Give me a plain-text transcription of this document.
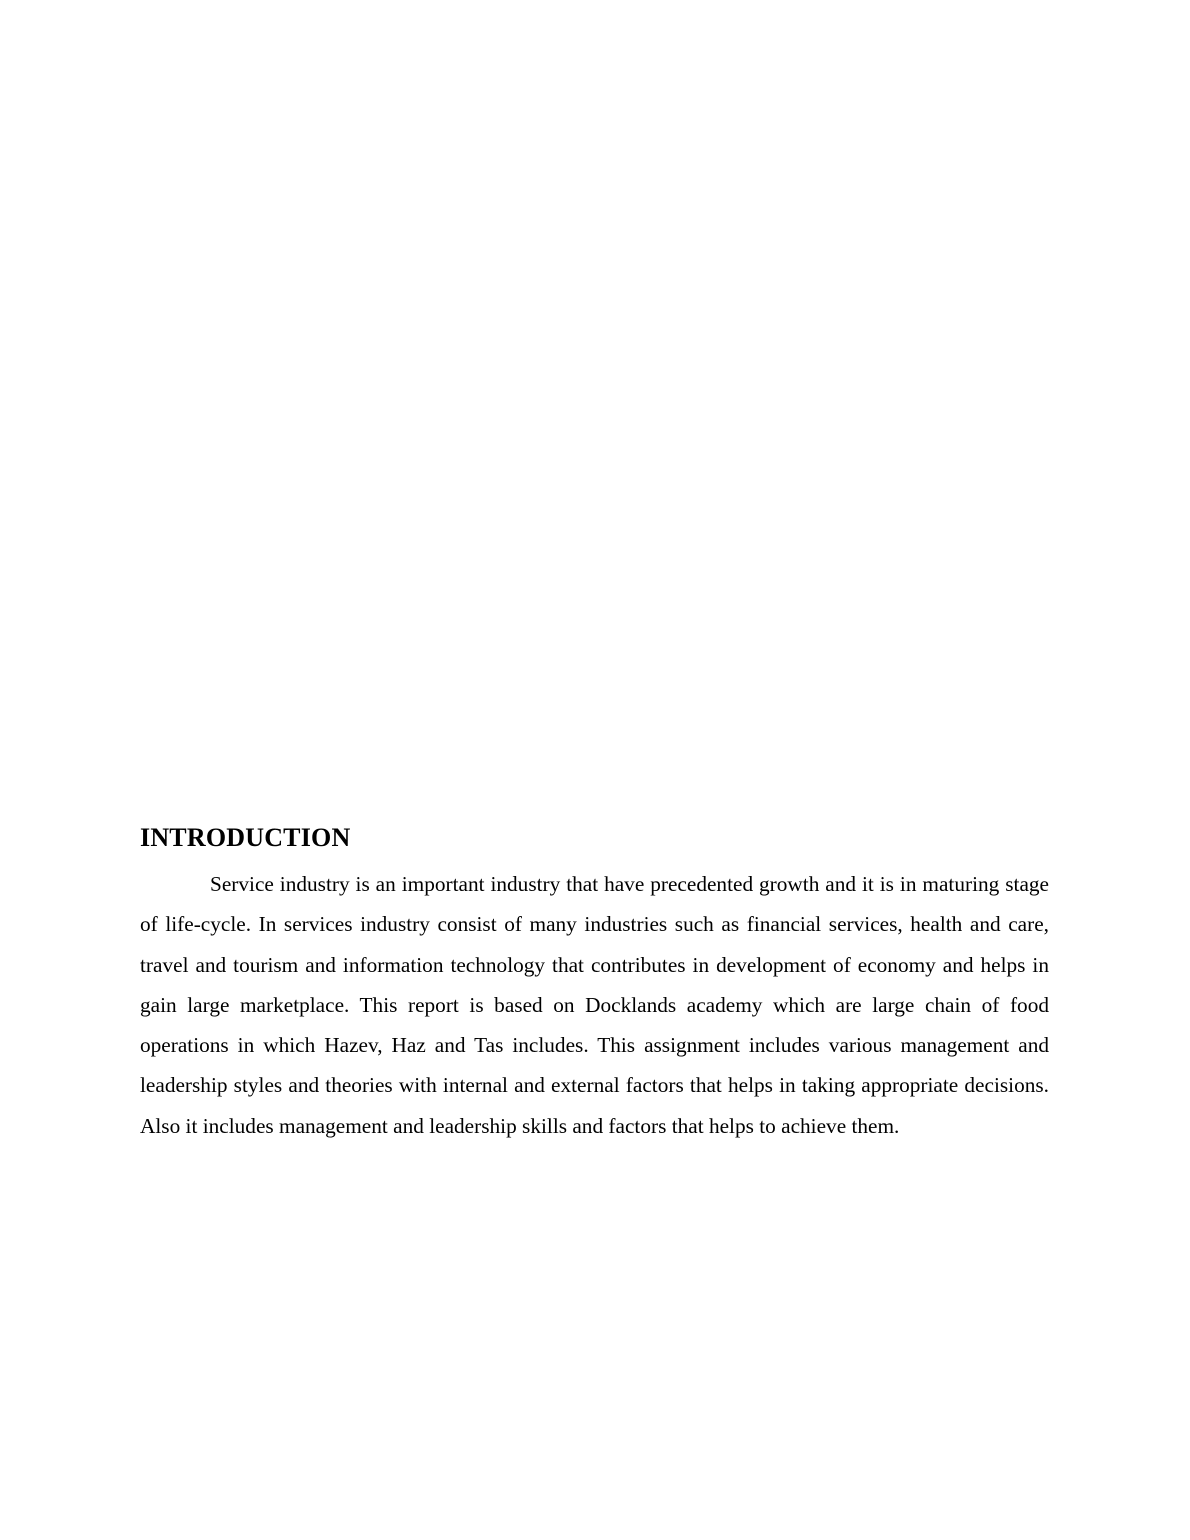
INTRODUCTION

Service industry is an important industry that have precedented growth and it is in maturing stage of life-cycle. In services industry consist of many industries such as financial services, health and care, travel and tourism and information technology that contributes in development of economy and helps in gain large marketplace. This report is based on Docklands academy which are large chain of food operations in which Hazev, Haz and Tas includes. This assignment includes various management and leadership styles and theories with internal and external factors that helps in taking appropriate decisions. Also it includes management and leadership skills and factors that helps to achieve them.
